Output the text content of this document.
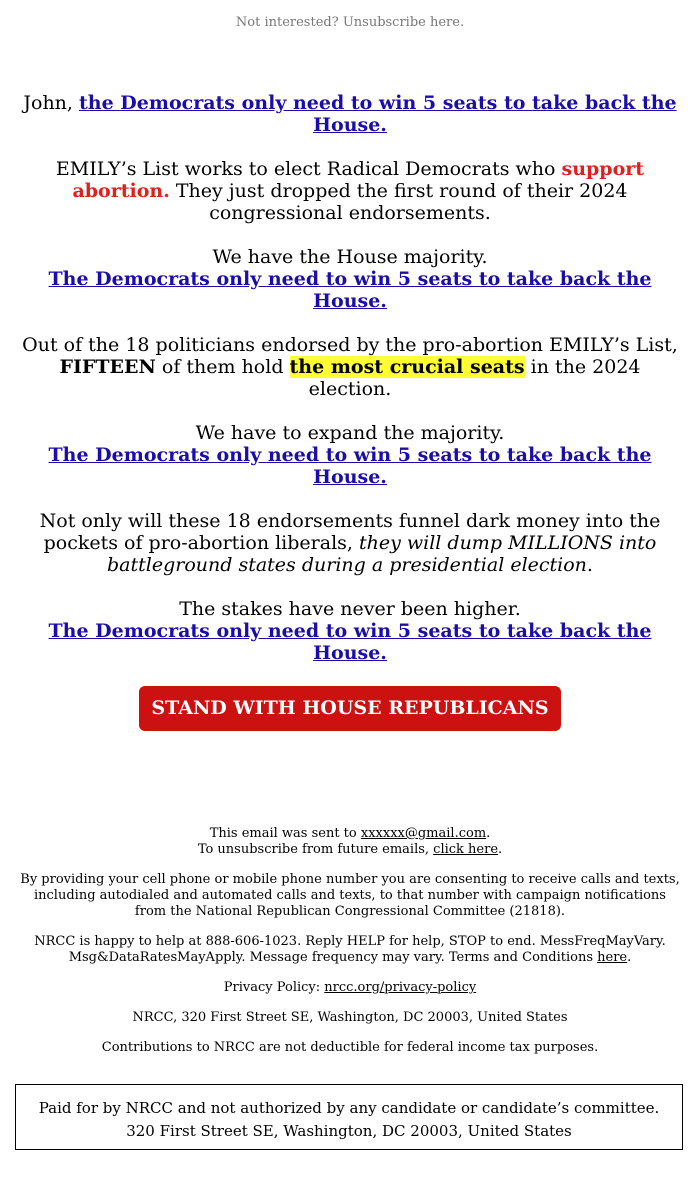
Not interested? Unsubscribe here.

John, the Democrats only need to win 5 seats to take back the House.

EMILY’s List works to elect Radical Democrats who support abortion. They just dropped the first round of their 2024 congressional endorsements.

We have the House majority.
The Democrats only need to win 5 seats to take back the House.

Out of the 18 politicians endorsed by the pro-abortion EMILY’s List, FIFTEEN of them hold the most crucial seats in the 2024 election.

We have to expand the majority.
The Democrats only need to win 5 seats to take back the House.

Not only will these 18 endorsements funnel dark money into the pockets of pro-abortion liberals, they will dump MILLIONS into battleground states during a presidential election.

The stakes have never been higher.
The Democrats only need to win 5 seats to take back the House.

STAND WITH HOUSE REPUBLICANS

This email was sent to xxxxxx@gmail.com.
To unsubscribe from future emails, click here.

By providing your cell phone or mobile phone number you are consenting to receive calls and texts, including autodialed and automated calls and texts, to that number with campaign notifications from the National Republican Congressional Committee (21818).

NRCC is happy to help at 888-606-1023. Reply HELP for help, STOP to end. MessFreqMayVary. Msg&DataRatesMayApply. Message frequency may vary. Terms and Conditions here.

Privacy Policy: nrcc.org/privacy-policy

NRCC, 320 First Street SE, Washington, DC 20003, United States

Contributions to NRCC are not deductible for federal income tax purposes.

Paid for by NRCC and not authorized by any candidate or candidate’s committee. 320 First Street SE, Washington, DC 20003, United States
